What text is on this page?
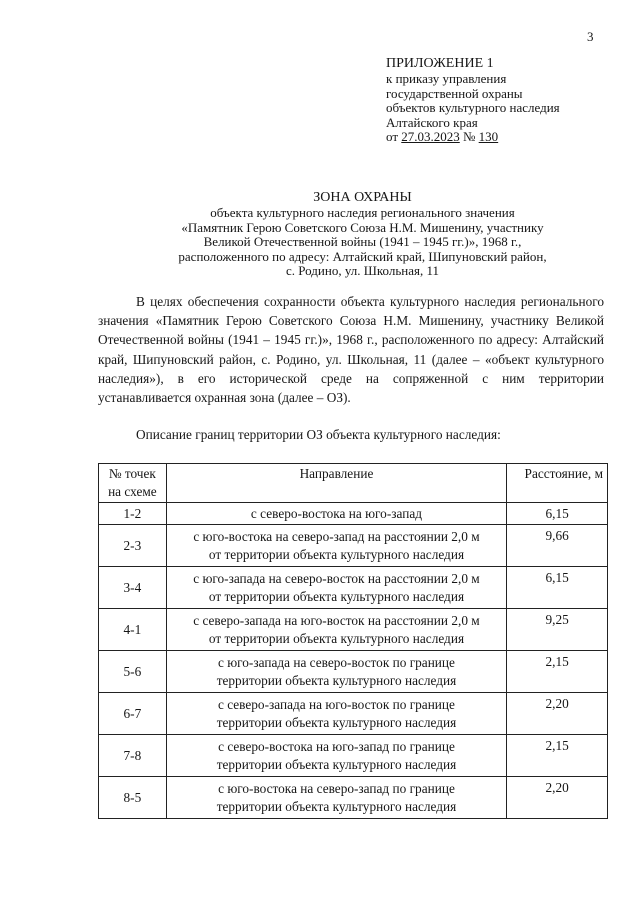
3
ПРИЛОЖЕНИЕ 1
к приказу управления
государственной охраны
объектов культурного наследия
Алтайского края
от 27.03.2023 № 130
ЗОНА ОХРАНЫ
объекта культурного наследия регионального значения
«Памятник Герою Советского Союза Н.М. Мишенину, участнику
Великой Отечественной войны (1941 – 1945 гг.)», 1968 г.,
расположенного по адресу: Алтайский край, Шипуновский район,
с. Родино, ул. Школьная, 11

В целях обеспечения сохранности объекта культурного наследия регионального значения «Памятник Герою Советского Союза Н.М. Мишенину, участнику Великой Отечественной войны (1941 – 1945 гг.)», 1968 г., расположенного по адресу: Алтайский край, Шипуновский район, с. Родино, ул. Школьная, 11 (далее – «объект культурного наследия»), в его исторической среде на сопряженной с ним территории устанавливается охранная зона (далее – ОЗ).

Описание границ территории ОЗ объекта культурного наследия:
№ точек
на схеме	Направление	Расстояние, м
1-2	с северо-востока на юго-запад	6,15
2-3	с юго-востока на северо-запад на расстоянии 2,0 м
от территории объекта культурного наследия	9,66
3-4	с юго-запада на северо-восток на расстоянии 2,0 м
от территории объекта культурного наследия	6,15
4-1	с северо-запада на юго-восток на расстоянии 2,0 м
от территории объекта культурного наследия	9,25
5-6	с юго-запада на северо-восток по границе
территории объекта культурного наследия	2,15
6-7	с северо-запада на юго-восток по границе
территории объекта культурного наследия	2,20
7-8	с северо-востока на юго-запад по границе
территории объекта культурного наследия	2,15
8-5	с юго-востока на северо-запад по границе
территории объекта культурного наследия	2,20
